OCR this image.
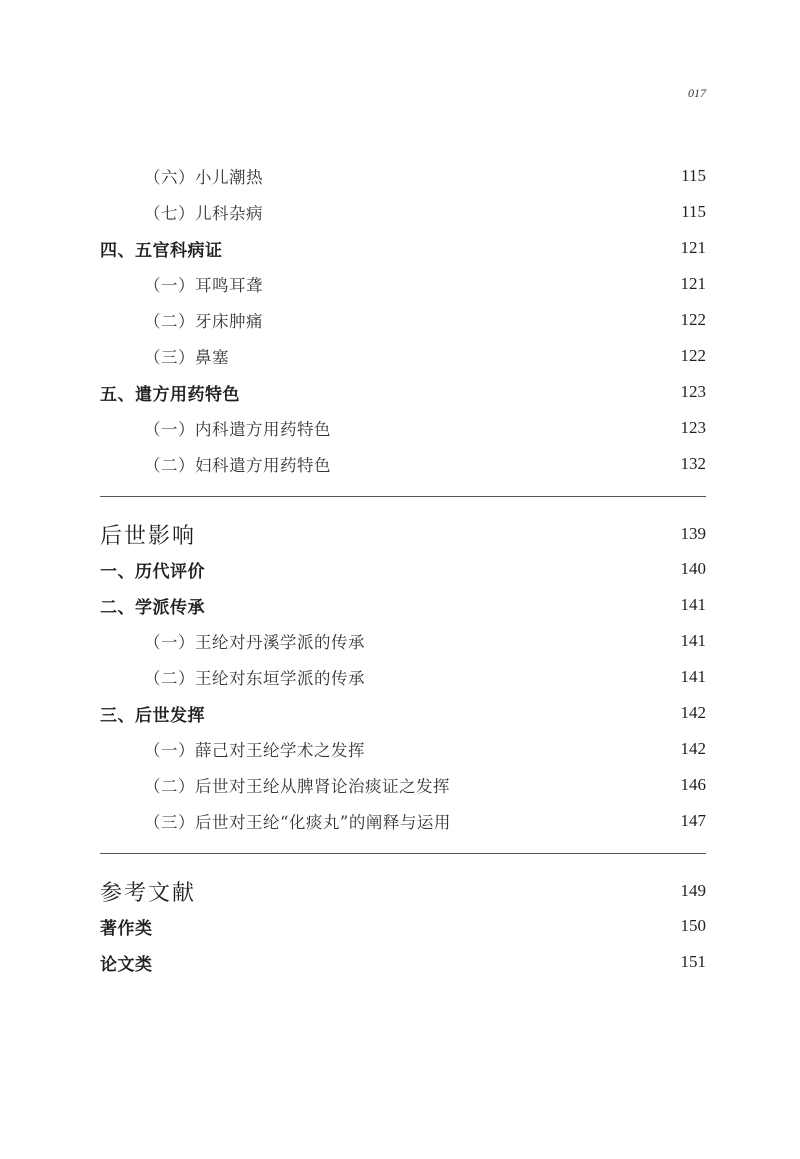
017
（六）小儿潮热	115
（七）儿科杂病	115
四、五官科病证	121
（一）耳鸣耳聋	121
（二）牙床肿痛	122
（三）鼻塞	122
五、遣方用药特色	123
（一）内科遣方用药特色	123
（二）妇科遣方用药特色	132
后世影响	139
一、历代评价	140
二、学派传承	141
（一）王纶对丹溪学派的传承	141
（二）王纶对东垣学派的传承	141
三、后世发挥	142
（一）薛己对王纶学术之发挥	142
（二）后世对王纶从脾肾论治痰证之发挥	146
（三）后世对王纶“化痰丸”的阐释与运用	147
参考文献	149
著作类	150
论文类	151
